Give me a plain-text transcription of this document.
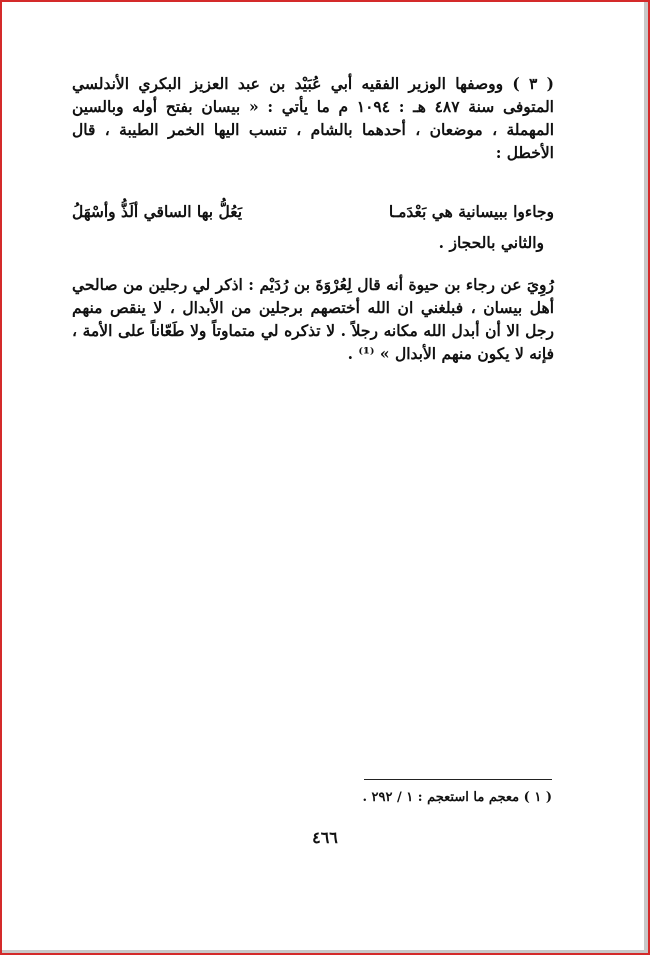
( ٣ ) ووصفها الوزير الفقيه أبي عُبَيْد بن عبد العزيز البكري الأندلسي المتوفى سنة ٤٨٧ هـ : ١٠٩٤ م ما يأتي : « بيسان بفتح أوله وبالسين المهملة ، موضعان ، أحدهما بالشام ، تنسب اليها الخمر الطيبة ، قال الأخطل :

وجاءوا ببيسانية هي بَعْدَمـا
يَعُلُّ بها الساقي ألَذُّ وأسْهَلُ
والثاني بالحجاز .

رُوِيَ عن رجاء بن حيوة أنه قال لِعُرْوَةَ بن رُدَيْم : اذكر لي رجلين من صالحي أهل بيسان ، فبلغني ان الله أختصهم برجلين من الأبدال ، لا ينقص منهم رجل الا أن أبدل الله مكانه رجلاً . لا تذكره لي متماوتاً ولا طَعّاناً على الأمة ، فإنه لا يكون منهم الأبدال » ⁽¹⁾ .

( ١ ) معجم ما استعجم : ١ / ٢٩٢ .
٤٦٦
